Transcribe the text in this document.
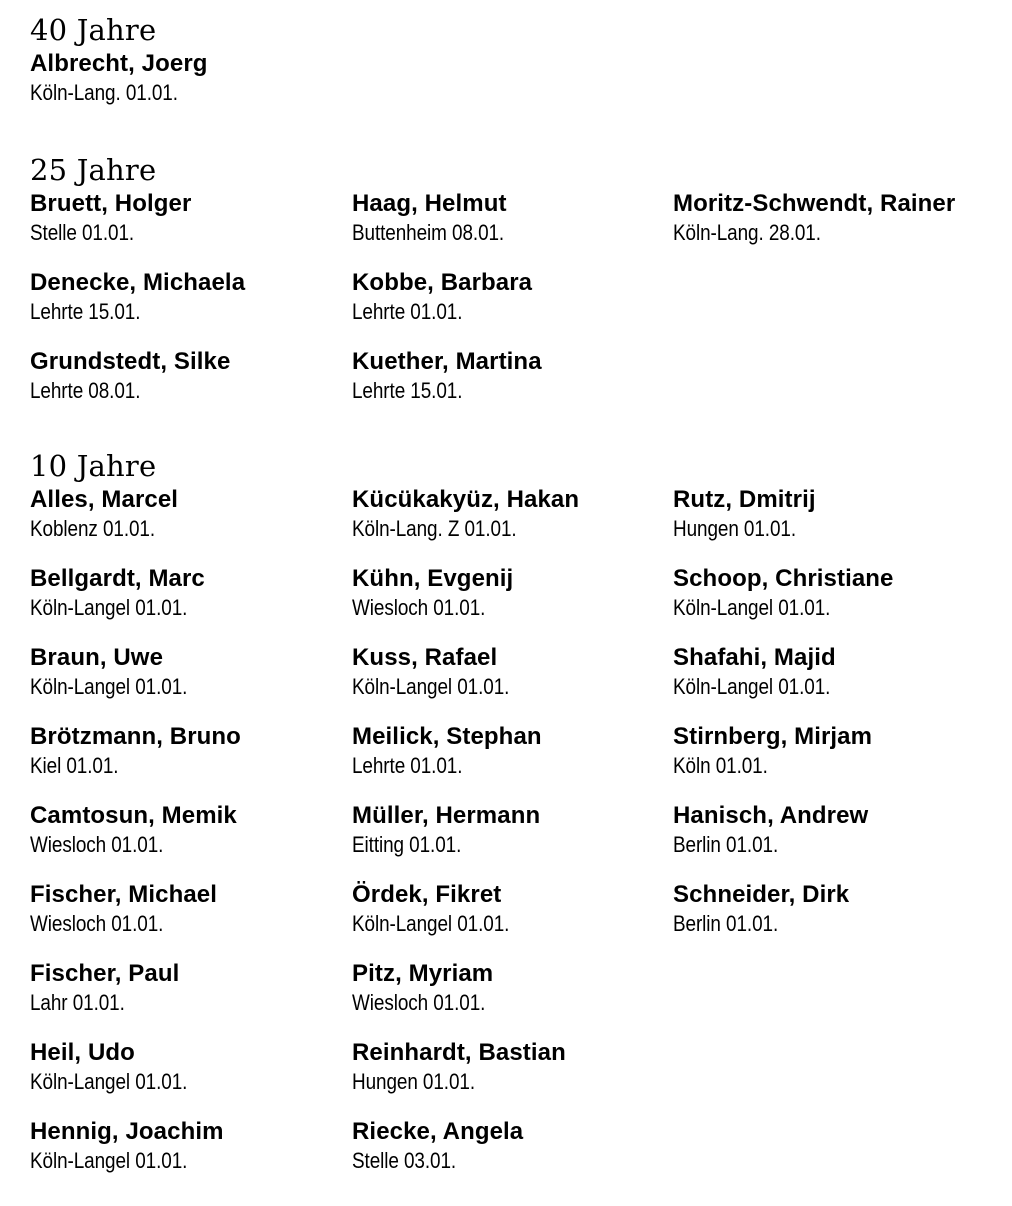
40 Jahre
Albrecht, Joerg
Köln-Lang. 01.01.
25 Jahre
Bruett, Holger
Stelle 01.01.
Denecke, Michaela
Lehrte 15.01.
Grundstedt, Silke
Lehrte 08.01.
Haag, Helmut
Buttenheim 08.01.
Kobbe, Barbara
Lehrte 01.01.
Kuether, Martina
Lehrte 15.01.
Moritz-Schwendt, Rainer
Köln-Lang. 28.01.
10 Jahre
Alles, Marcel
Koblenz 01.01.
Bellgardt, Marc
Köln-Langel 01.01.
Braun, Uwe
Köln-Langel 01.01.
Brötzmann, Bruno
Kiel 01.01.
Camtosun, Memik
Wiesloch 01.01.
Fischer, Michael
Wiesloch 01.01.
Fischer, Paul
Lahr 01.01.
Heil, Udo
Köln-Langel 01.01.
Hennig, Joachim
Köln-Langel 01.01.
Kücükakyüz, Hakan
Köln-Lang. Z 01.01.
Kühn, Evgenij
Wiesloch 01.01.
Kuss, Rafael
Köln-Langel 01.01.
Meilick, Stephan
Lehrte 01.01.
Müller, Hermann
Eitting 01.01.
Ördek, Fikret
Köln-Langel 01.01.
Pitz, Myriam
Wiesloch 01.01.
Reinhardt, Bastian
Hungen 01.01.
Riecke, Angela
Stelle 03.01.
Rutz, Dmitrij
Hungen 01.01.
Schoop, Christiane
Köln-Langel 01.01.
Shafahi, Majid
Köln-Langel 01.01.
Stirnberg, Mirjam
Köln 01.01.
Hanisch, Andrew
Berlin 01.01.
Schneider, Dirk
Berlin 01.01.
